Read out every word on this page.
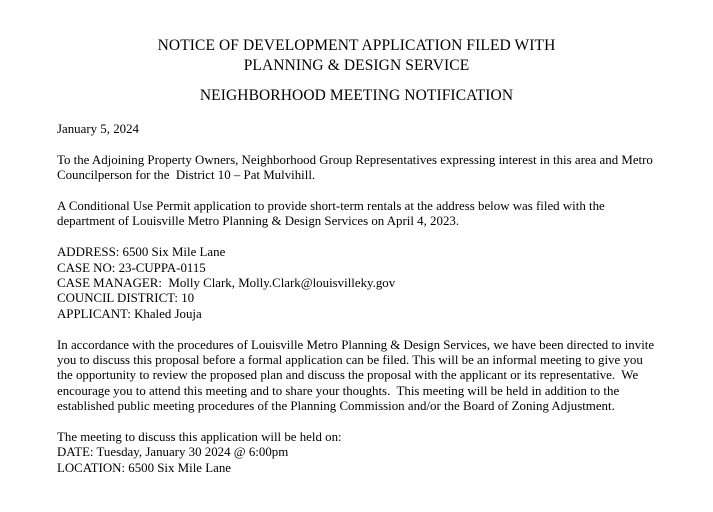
NOTICE OF DEVELOPMENT APPLICATION FILED WITH
PLANNING & DESIGN SERVICE
NEIGHBORHOOD MEETING NOTIFICATION

January 5, 2024

To the Adjoining Property Owners, Neighborhood Group Representatives expressing interest in this area and Metro Councilperson for the  District 10 – Pat Mulvihill.

A Conditional Use Permit application to provide short-term rentals at the address below was filed with the department of Louisville Metro Planning & Design Services on April 4, 2023.

ADDRESS: 6500 Six Mile Lane
CASE NO: 23-CUPPA-0115
CASE MANAGER:  Molly Clark, Molly.Clark@louisvilleky.gov
COUNCIL DISTRICT: 10
APPLICANT: Khaled Jouja

In accordance with the procedures of Louisville Metro Planning & Design Services, we have been directed to invite you to discuss this proposal before a formal application can be filed. This will be an informal meeting to give you the opportunity to review the proposed plan and discuss the proposal with the applicant or its representative.  We encourage you to attend this meeting and to share your thoughts.  This meeting will be held in addition to the established public meeting procedures of the Planning Commission and/or the Board of Zoning Adjustment.

The meeting to discuss this application will be held on:
DATE: Tuesday, January 30 2024 @ 6:00pm
LOCATION: 6500 Six Mile Lane
